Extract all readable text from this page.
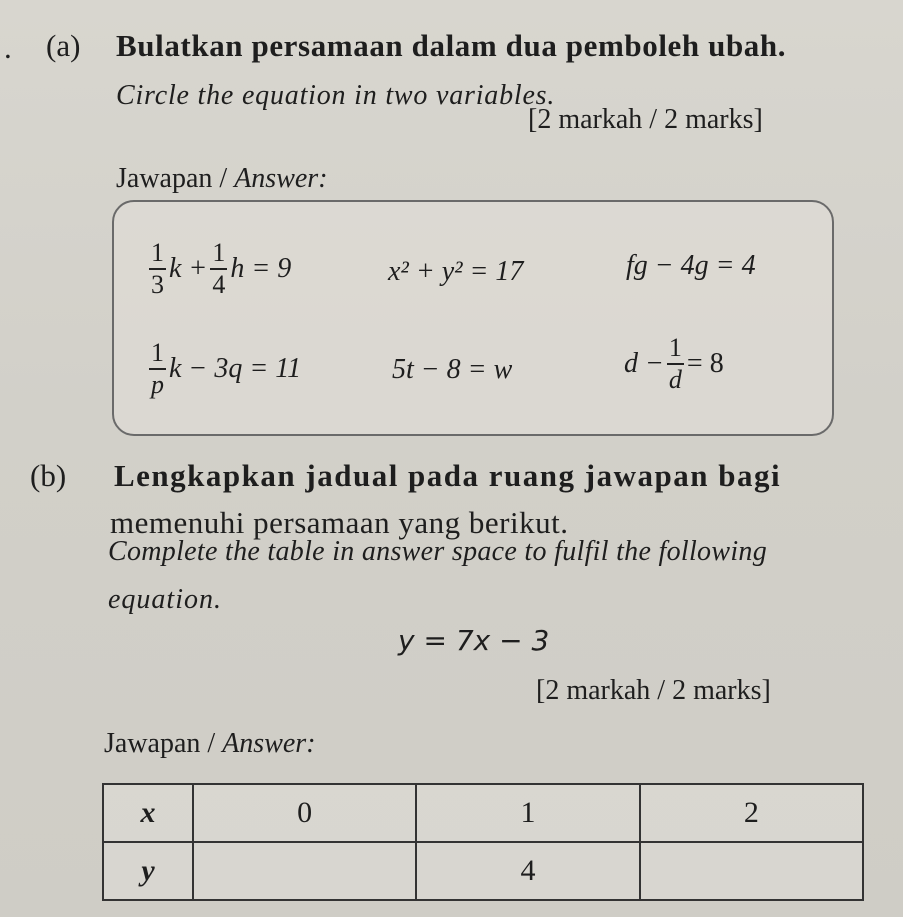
. (a) Bulatkan persamaan dalam dua pemboleh ubah.
Circle the equation in two variables.
[2 markah / 2 marks]
Jawapan / Answer:
$\frac{1}{3}$ $k + \frac{1}{4}$ h = 9	x² + y² = 17	fg − 4g = 4
$\frac{1}{p}$ k − 3q = 11	5t − 8 = w	$d - \frac{1}{d} = 8$
(b) Lengkapkan jadual pada ruang jawapan bagi
memenuhi persamaan yang berikut.
Complete the table in answer space to fulfil the following
equation.
y = 7x − 3
[2 markah / 2 marks]
Jawapan / Answer:
x	0	1	2
y		4	
